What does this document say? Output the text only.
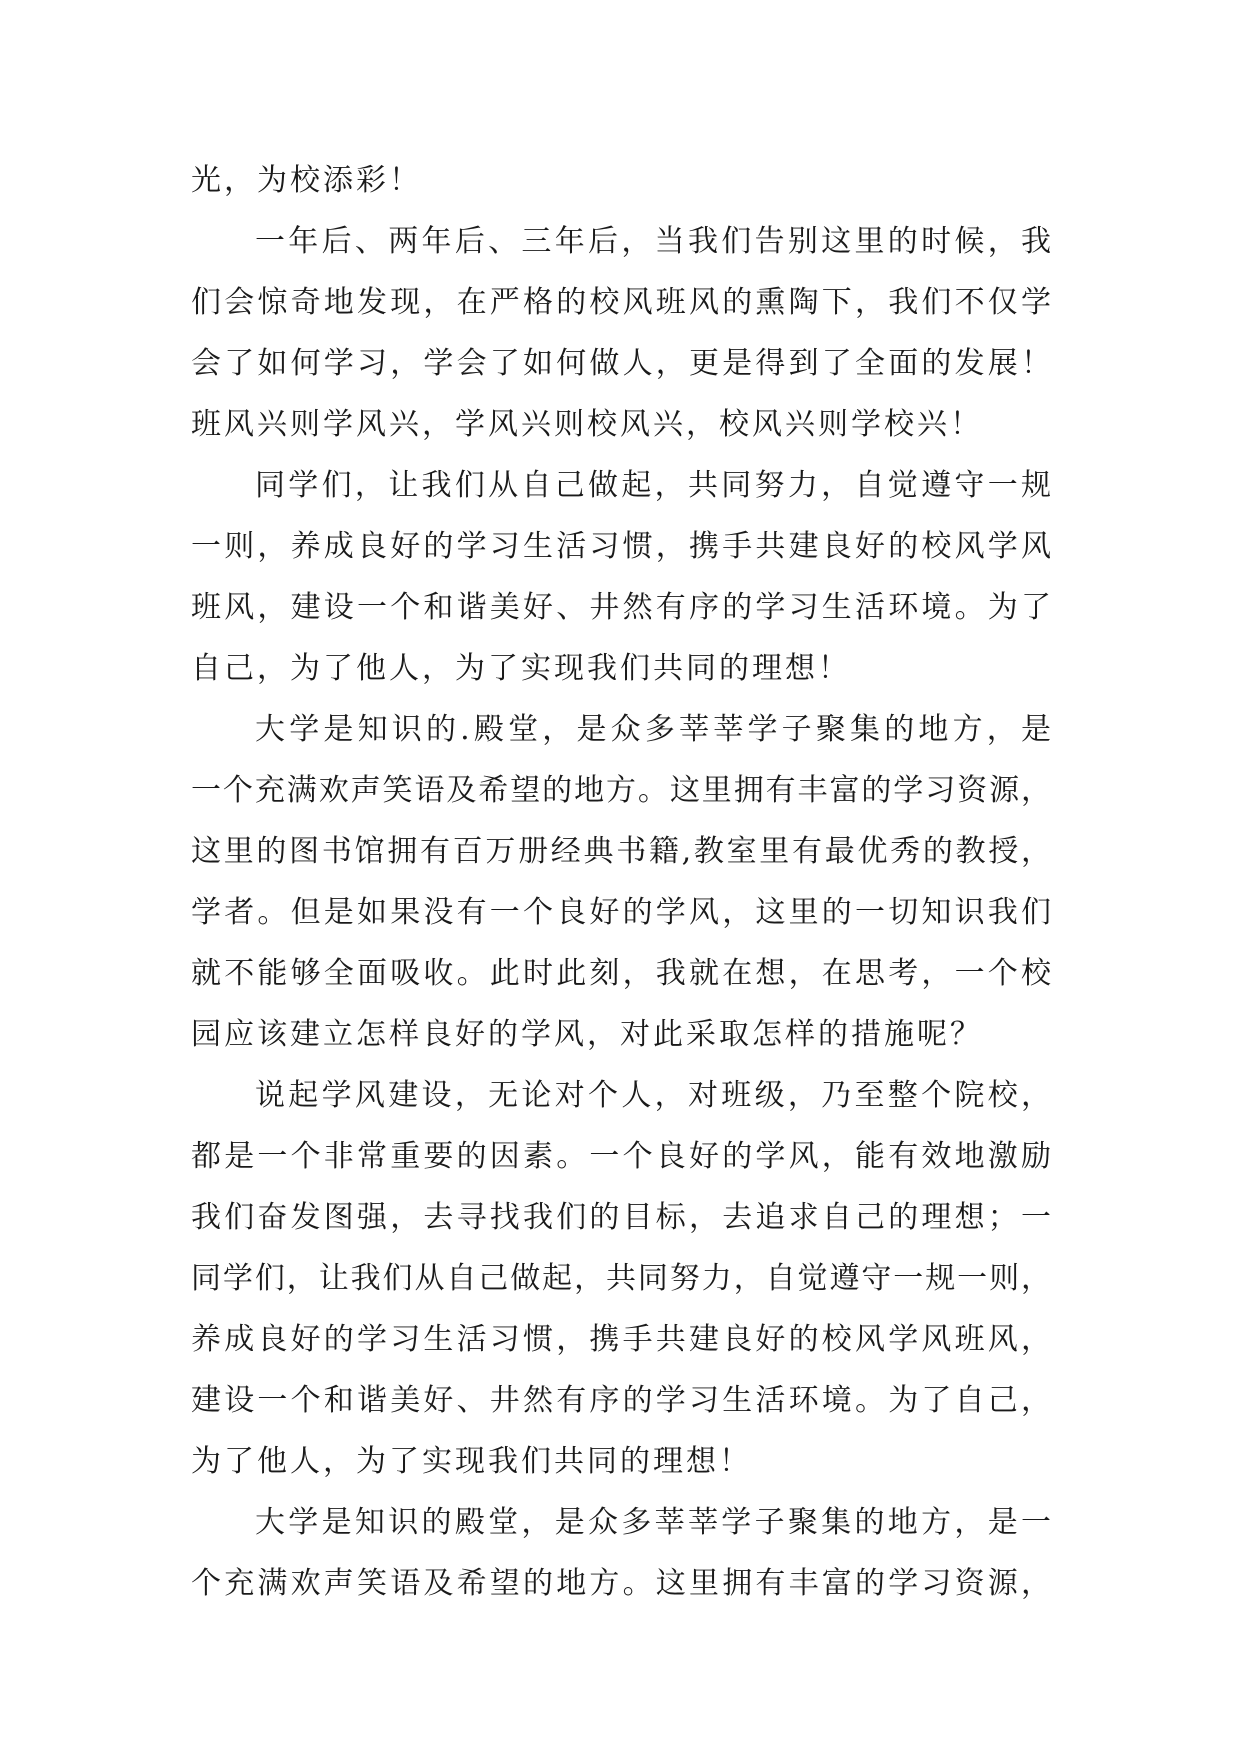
光，为校添彩！
一年后、两年后、三年后，当我们告别这里的时候，我
们会惊奇地发现，在严格的校风班风的熏陶下，我们不仅学
会了如何学习，学会了如何做人，更是得到了全面的发展！
班风兴则学风兴，学风兴则校风兴，校风兴则学校兴！
同学们，让我们从自己做起，共同努力，自觉遵守一规
一则，养成良好的学习生活习惯，携手共建良好的校风学风
班风，建设一个和谐美好、井然有序的学习生活环境。为了
自己，为了他人，为了实现我们共同的理想！
大学是知识的.殿堂，是众多莘莘学子聚集的地方，是
一个充满欢声笑语及希望的地方。这里拥有丰富的学习资源，
这里的图书馆拥有百万册经典书籍,教室里有最优秀的教授，
学者。但是如果没有一个良好的学风，这里的一切知识我们
就不能够全面吸收。此时此刻，我就在想，在思考，一个校
园应该建立怎样良好的学风，对此采取怎样的措施呢？
说起学风建设，无论对个人，对班级，乃至整个院校，
都是一个非常重要的因素。一个良好的学风，能有效地激励
我们奋发图强，去寻找我们的目标，去追求自己的理想；一
同学们，让我们从自己做起，共同努力，自觉遵守一规一则，
养成良好的学习生活习惯，携手共建良好的校风学风班风，
建设一个和谐美好、井然有序的学习生活环境。为了自己，
为了他人，为了实现我们共同的理想！
大学是知识的殿堂，是众多莘莘学子聚集的地方，是一
个充满欢声笑语及希望的地方。这里拥有丰富的学习资源，
